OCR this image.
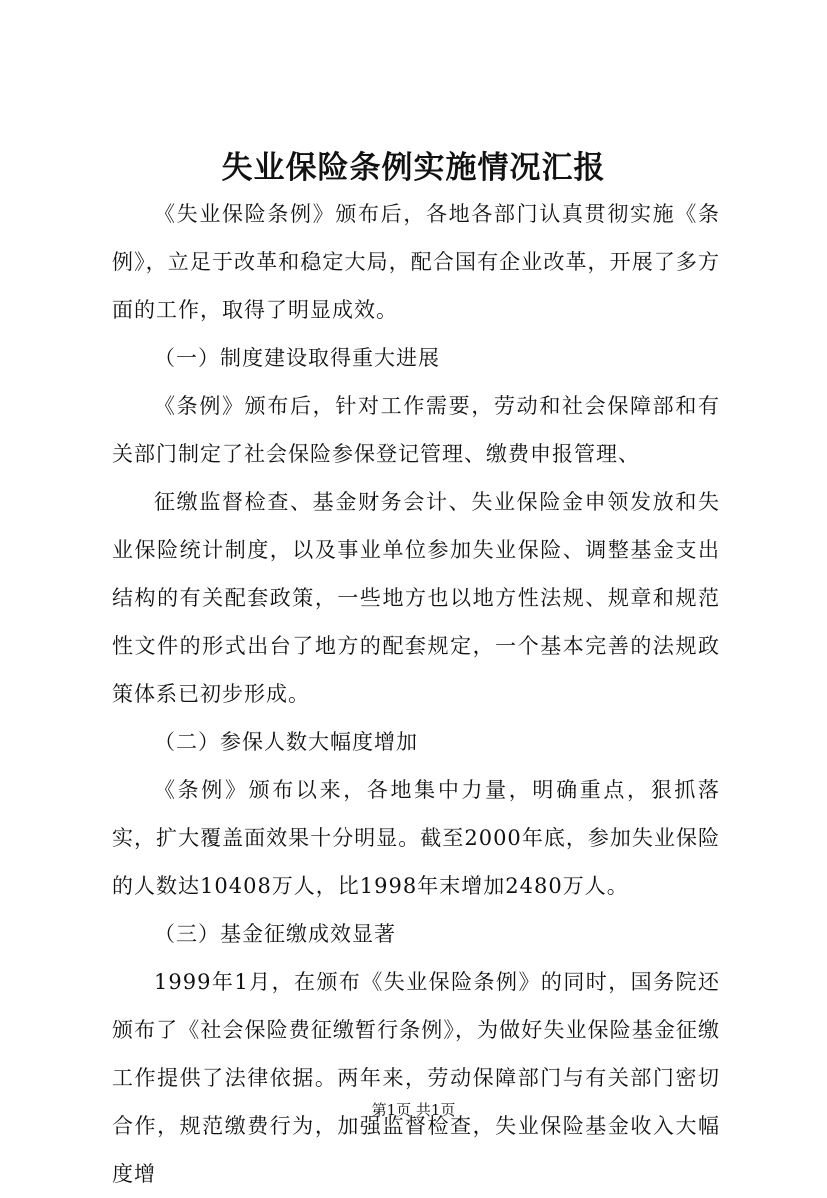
失业保险条例实施情况汇报

《失业保险条例》颁布后，各地各部门认真贯彻实施《条例》，立足于改革和稳定大局，配合国有企业改革，开展了多方面的工作，取得了明显成效。

（一）制度建设取得重大进展

《条例》颁布后，针对工作需要，劳动和社会保障部和有关部门制定了社会保险参保登记管理、缴费申报管理、

征缴监督检查、基金财务会计、失业保险金申领发放和失业保险统计制度，以及事业单位参加失业保险、调整基金支出结构的有关配套政策，一些地方也以地方性法规、规章和规范性文件的形式出台了地方的配套规定，一个基本完善的法规政策体系已初步形成。

（二）参保人数大幅度增加

《条例》颁布以来，各地集中力量，明确重点，狠抓落实，扩大覆盖面效果十分明显。截至2000年底，参加失业保险的人数达10408万人，比1998年末增加2480万人。

（三）基金征缴成效显著

1999年1月，在颁布《失业保险条例》的同时，国务院还颁布了《社会保险费征缴暂行条例》，为做好失业保险基金征缴工作提供了法律依据。两年来，劳动保障部门与有关部门密切合作，规范缴费行为，加强监督检查，失业保险基金收入大幅度增

第1页 共1页
